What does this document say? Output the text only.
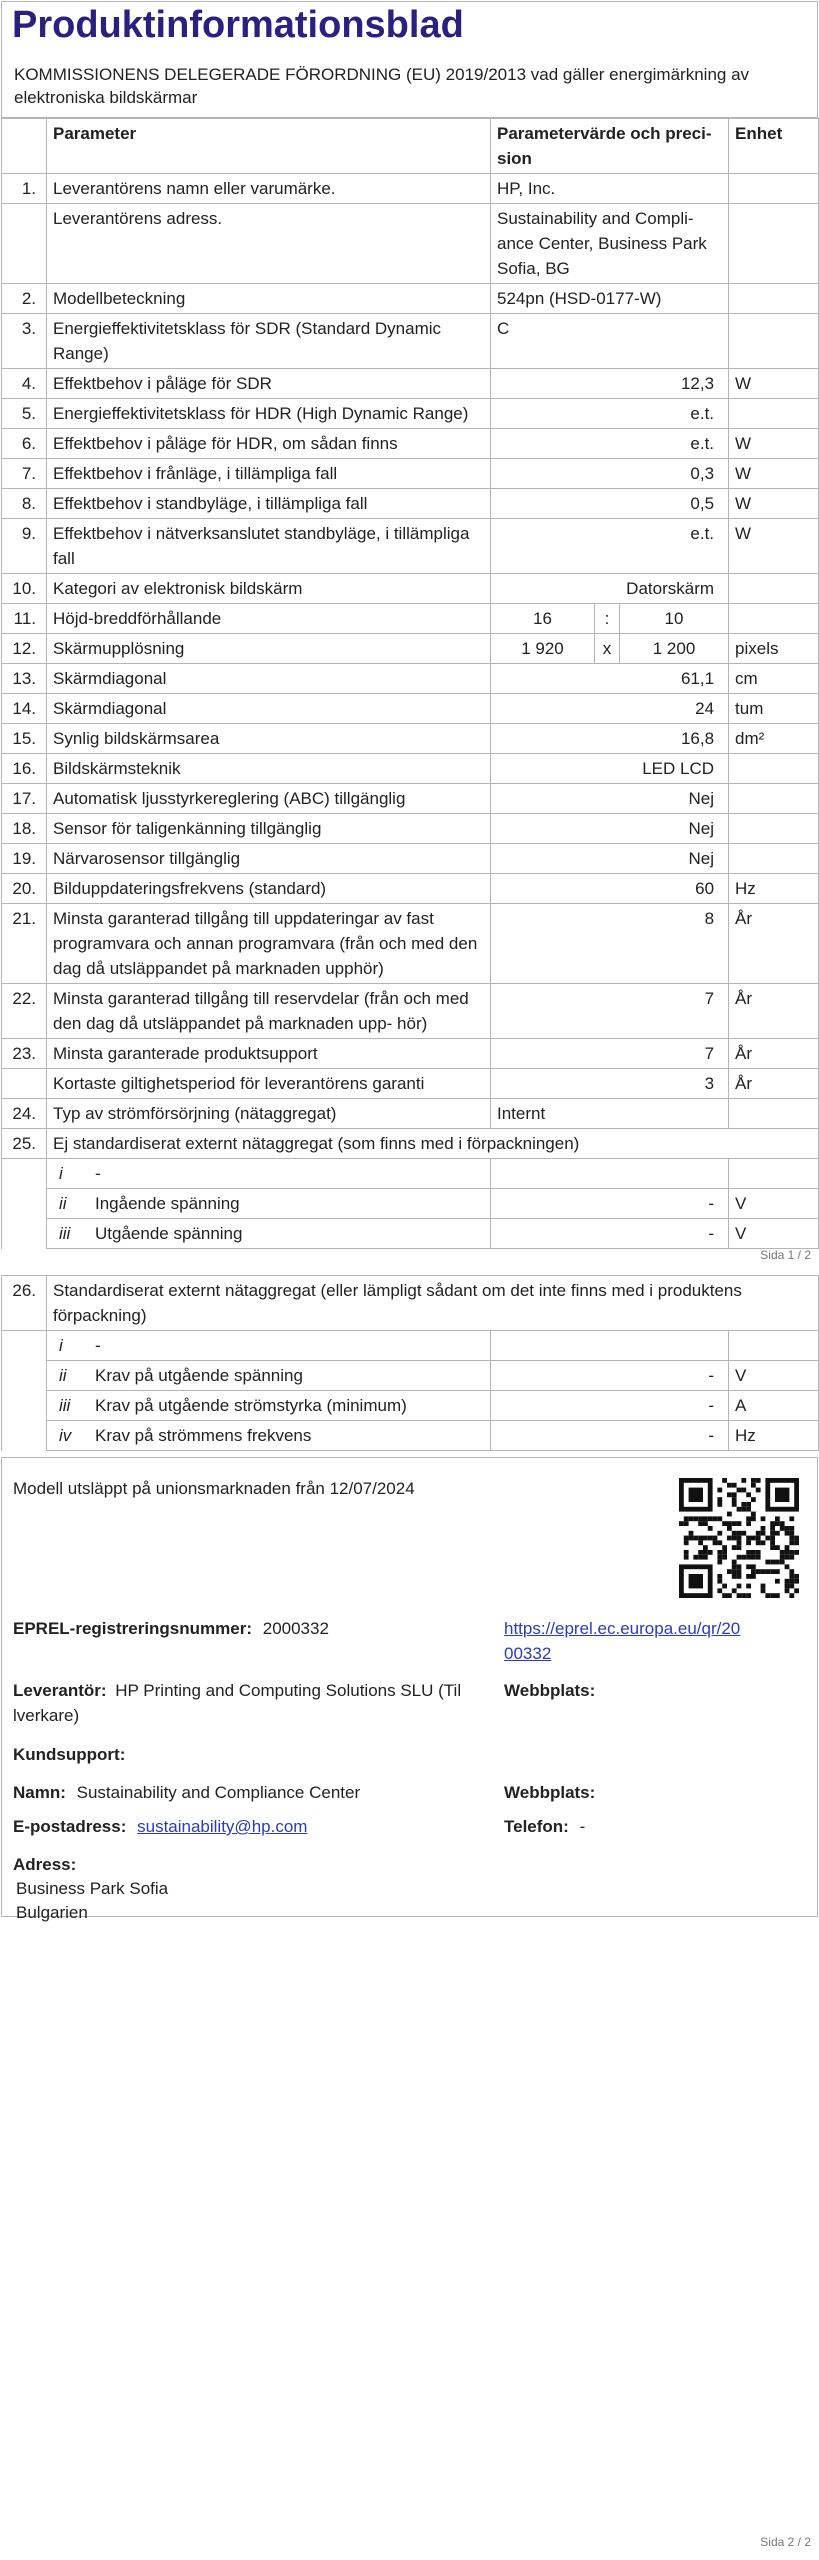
Produktinformationsblad
KOMMISSIONENS DELEGERADE FÖRORDNING (EU) 2019/2013 vad gäller energimärkning av elektroniska bildskärmar
	Parameter	Parametervärde och preci- sion			Enhet
1.	Leverantörens namn eller varumärke.	HP, Inc.			
	Leverantörens adress.	Sustainability and Compli- ance Center, Business Park Sofia, BG			
2.	Modellbeteckning	524pn (HSD-0177-W)			
3.	Energieffektivitetsklass för SDR (Standard Dynamic Range)	C			
4.	Effektbehov i påläge för SDR	12,3			W
5.	Energieffektivitetsklass för HDR (High Dynamic Range)	e.t.			
6.	Effektbehov i påläge för HDR, om sådan finns	e.t.			W
7.	Effektbehov i frånläge, i tillämpliga fall	0,3			W
8.	Effektbehov i standbyläge, i tillämpliga fall	0,5			W
9.	Effektbehov i nätverksanslutet standbyläge, i tillämpliga fall	e.t.			W
10.	Kategori av elektronisk bildskärm	Datorskärm			
11.	Höjd-breddförhållande	16	:	10	
12.	Skärmupplösning	1 920	x	1 200	pixels
13.	Skärmdiagonal	61,1			cm
14.	Skärmdiagonal	24			tum
15.	Synlig bildskärmsarea	16,8			dm²
16.	Bildskärmsteknik	LED LCD			
17.	Automatisk ljusstyrkereglering (ABC) tillgänglig	Nej			
18.	Sensor för taligenkänning tillgänglig	Nej			
19.	Närvarosensor tillgänglig	Nej			
20.	Bilduppdateringsfrekvens (standard)	60			Hz
21.	Minsta garanterad tillgång till uppdateringar av fast programvara och annan programvara (från och med den dag då utsläppandet på marknaden upphör)	8			År
22.	Minsta garanterad tillgång till reservdelar (från och med den dag då utsläppandet på marknaden upp- hör)	7			År
23.	Minsta garanterade produktsupport	7			År
	Kortaste giltighetsperiod för leverantörens garanti	3			År
24.	Typ av strömförsörjning (nätaggregat)	Internt			
25.	Ej standardiserat externt nätaggregat (som finns med i förpackningen)				
	i -				
	ii Ingående spänning	-			V
	iii Utgående spänning	-			V
Sida 1 / 2
26.	Standardiserat externt nätaggregat (eller lämpligt sådant om det inte finns med i produktens förpackning)		
	i -		
	ii Krav på utgående spänning	-	V
	iii Krav på utgående strömstyrka (minimum)	-	A
	iv Krav på strömmens frekvens	-	Hz
Modell utsläppt på unionsmarknaden från 12/07/2024
EPREL-registreringsnummer: 2000332	https://eprel.ec.europa.eu/qr/20
00332
Leverantör: HP Printing and Computing Solutions SLU (Til lverkare)
Webbplats:
Kundsupport:
Namn: Sustainability and Compliance Center	Webbplats:
E-postadress: sustainability@hp.com	Telefon: -
Adress:
Business Park Sofia
Bulgarien
Sida 2 / 2
